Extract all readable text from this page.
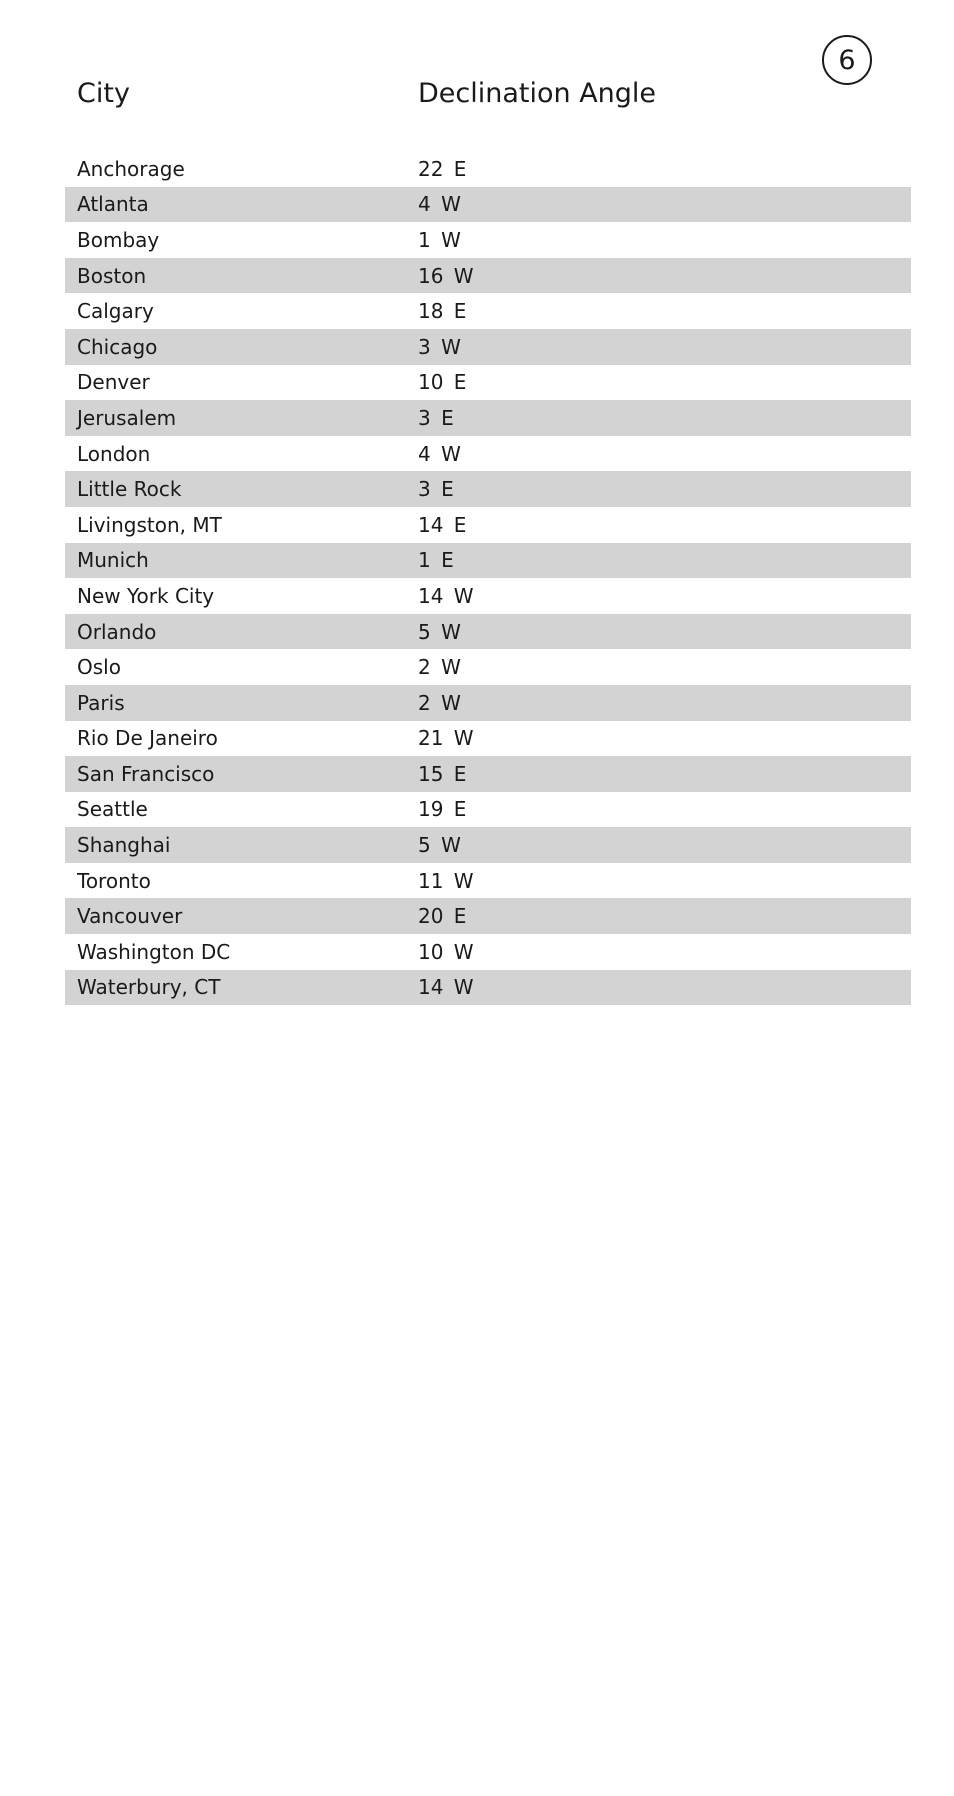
6
City	Declination Angle
Anchorage	22 E
Atlanta	4 W
Bombay	1 W
Boston	16 W
Calgary	18 E
Chicago	3 W
Denver	10 E
Jerusalem	3 E
London	4 W
Little Rock	3 E
Livingston, MT	14 E
Munich	1 E
New York City	14 W
Orlando	5 W
Oslo	2 W
Paris	2 W
Rio De Janeiro	21 W
San Francisco	15 E
Seattle	19 E
Shanghai	5 W
Toronto	11 W
Vancouver	20 E
Washington DC	10 W
Waterbury, CT	14 W
